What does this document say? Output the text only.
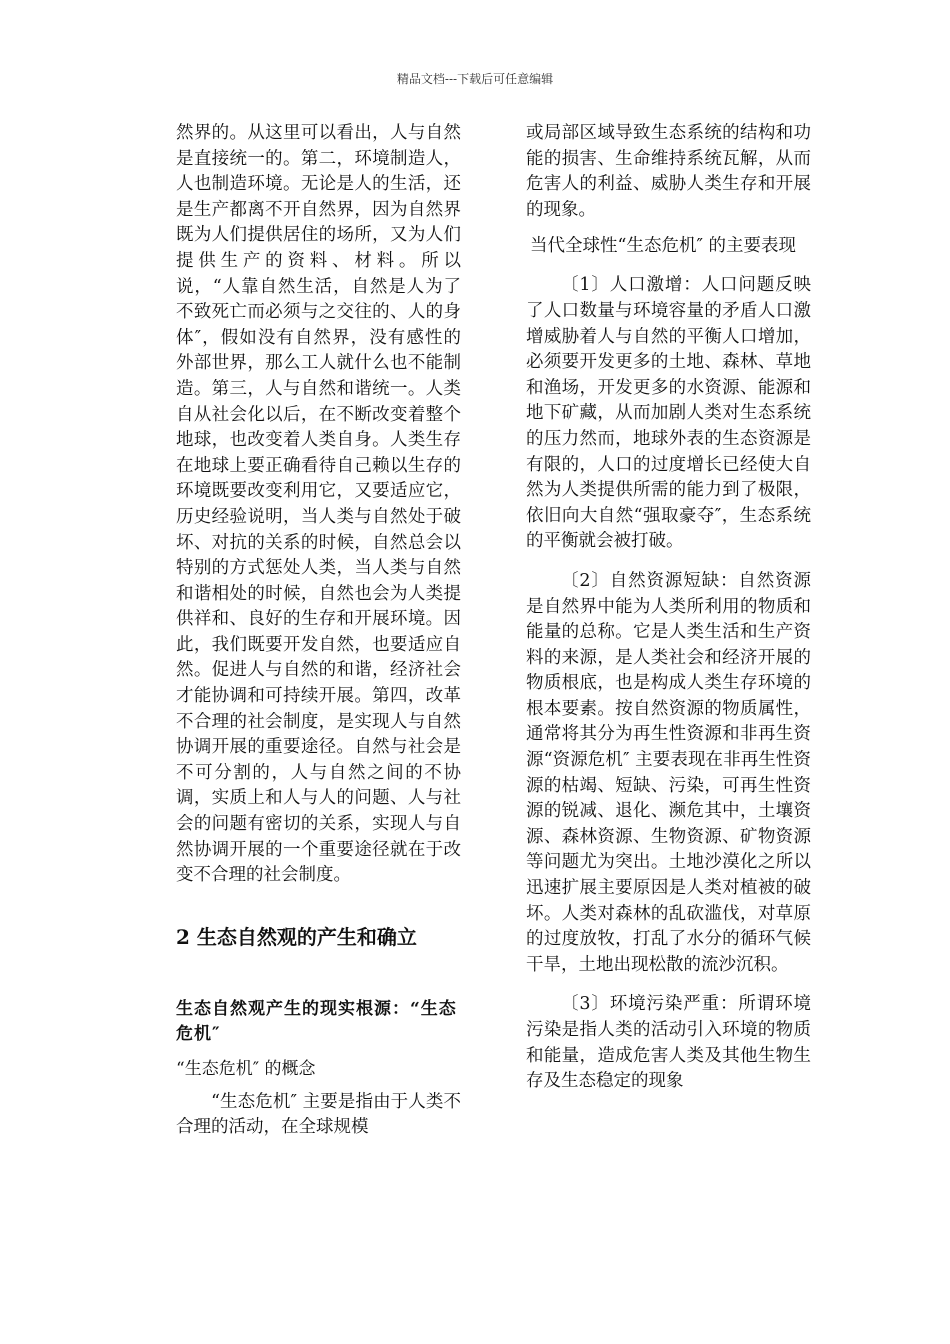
精品文档---下载后可任意编辑

然界的。从这里可以看出，人与自然是直接统一的。第二，环境制造人，人也制造环境。无论是人的生活，还是生产都离不开自然界，因为自然界既为人们提供居住的场所，又为人们提供生产的资料、材料。所以说，“人靠自然生活，自然是人为了不致死亡而必须与之交往的、人的身体″，假如没有自然界，没有感性的外部世界，那么工人就什么也不能制造。第三，人与自然和谐统一。人类自从社会化以后，在不断改变着整个地球，也改变着人类自身。人类生存在地球上要正确看待自己赖以生存的环境既要改变利用它，又要适应它，历史经验说明，当人类与自然处于破坏、对抗的关系的时候，自然总会以特别的方式惩处人类，当人类与自然和谐相处的时候，自然也会为人类提供祥和、良好的生存和开展环境。因此，我们既要开发自然，也要适应自然。促进人与自然的和谐，经济社会才能协调和可持续开展。第四，改革不合理的社会制度，是实现人与自然协调开展的重要途径。自然与社会是不可分割的，人与自然之间的不协调，实质上和人与人的问题、人与社会的问题有密切的关系，实现人与自然协调开展的一个重要途径就在于改变不合理的社会制度。

2 生态自然观的产生和确立
生态自然观产生的现实根源：“生态危机″
“生态危机″ 的概念

“生态危机″ 主要是指由于人类不合理的活动，在全球规模

或局部区域导致生态系统的结构和功能的损害、生命维持系统瓦解，从而危害人的利益、威胁人类生存和开展的现象。

当代全球性“生态危机″ 的主要表现

〔1〕人口激增：人口问题反映了人口数量与环境容量的矛盾人口激增威胁着人与自然的平衡人口增加，必须要开发更多的土地、森林、草地和渔场，开发更多的水资源、能源和地下矿藏，从而加剧人类对生态系统的压力然而，地球外表的生态资源是有限的，人口的过度增长已经使大自然为人类提供所需的能力到了极限，依旧向大自然“强取豪夺″，生态系统的平衡就会被打破。

〔2〕自然资源短缺：自然资源是自然界中能为人类所利用的物质和能量的总称。它是人类生活和生产资料的来源，是人类社会和经济开展的物质根底，也是构成人类生存环境的根本要素。按自然资源的物质属性，通常将其分为再生性资源和非再生资源“资源危机″ 主要表现在非再生性资源的枯竭、短缺、污染，可再生性资源的锐减、退化、濒危其中，土壤资源、森林资源、生物资源、矿物资源等问题尤为突出。土地沙漠化之所以迅速扩展主要原因是人类对植被的破坏。人类对森林的乱砍滥伐，对草原的过度放牧，打乱了水分的循环气候干旱，土地出现松散的流沙沉积。

〔3〕环境污染严重：所谓环境污染是指人类的活动引入环境的物质和能量，造成危害人类及其他生物生存及生态稳定的现象
